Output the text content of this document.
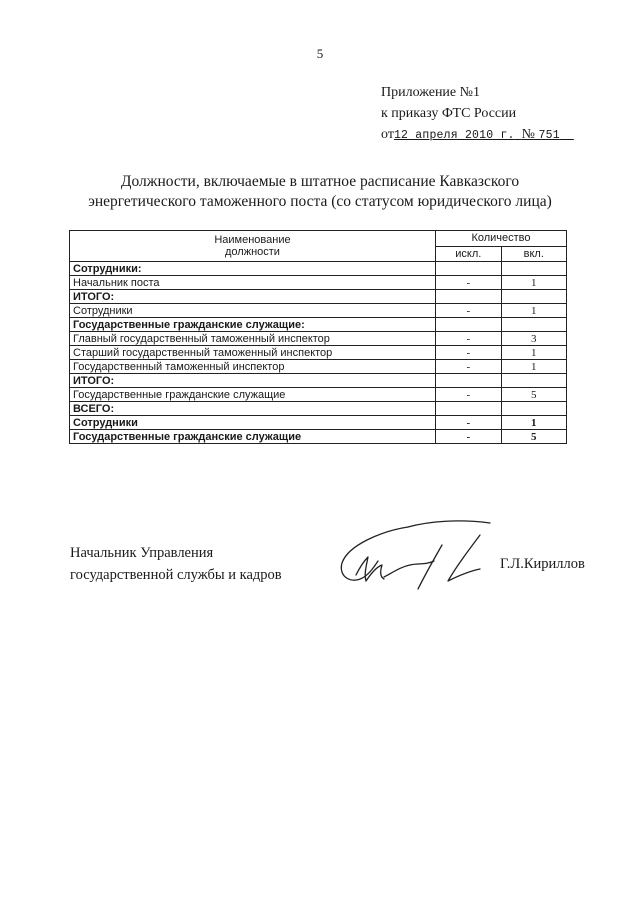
5
Приложение №1
к приказу ФТС России
от12 апреля 2010 г. № 751
Должности, включаемые в штатное расписание Кавказского
энергетического таможенного поста (со статусом юридического лица)
Наименование
должности	Количество	
	искл.	вкл.
Сотрудники:		
Начальник поста	-	1
ИТОГО:		
Сотрудники	-	1
Государственные гражданские служащие:		
Главный государственный таможенный инспектор	-	3
Старший государственный таможенный инспектор	-	1
Государственный таможенный инспектор	-	1
ИТОГО:		
Государственные гражданские служащие	-	5
ВСЕГО:		
Сотрудники	-	1
Государственные гражданские служащие	-	5
Начальник Управления
государственной службы и кадров
Г.Л.Кириллов
